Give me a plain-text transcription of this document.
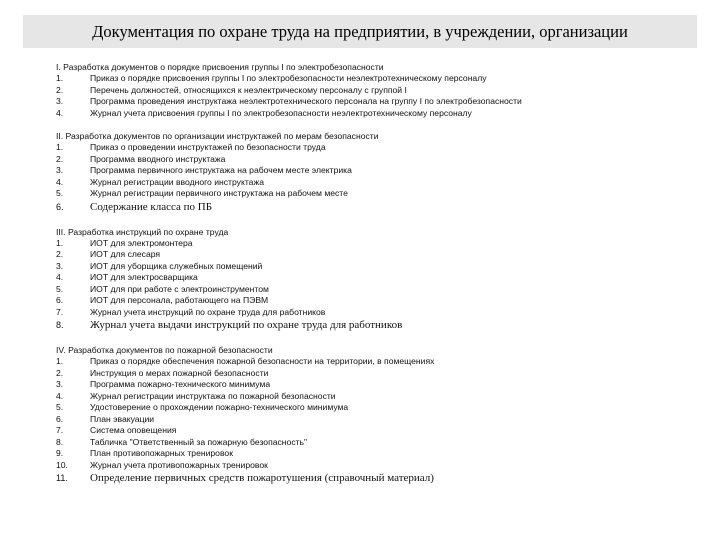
Документация по охране труда на предприятии, в учреждении, организации
I. Разработка документов о порядке присвоения группы I по электробезопасности
1.	Приказ о порядке присвоения группы I по электробезопасности неэлектротехническому персоналу
2.	Перечень должностей, относящихся к неэлектрическому персоналу с группой I
3.	Программа проведения инструктажа неэлектротехнического персонала на группу I по электробезопасности
4.	Журнал учета присвоения группы I по электробезопасности неэлектротехническому персоналу
II. Разработка документов по организации инструктажей по мерам безопасности
1.	Приказ о проведении инструктажей по безопасности труда
2.	Программа вводного инструктажа
3.	Программа первичного инструктажа на рабочем месте электрика
4.	Журнал регистрации вводного инструктажа
5.	Журнал регистрации первичного инструктажа на рабочем месте
6.	Содержание класса по ПБ
III. Разработка инструкций по охране труда
1.	ИОТ для электромонтера
2.	ИОТ для слесаря
3.	ИОТ для уборщика служебных помещений
4.	ИОТ для электросварщика
5.	ИОТ для при работе с электроинструментом
6.	ИОТ для персонала, работающего на ПЭВМ
7.	Журнал учета инструкций по охране труда для работников
8.	Журнал учета выдачи инструкций по охране труда для работников
IV. Разработка документов по пожарной безопасности
1.	Приказ о порядке обеспечения пожарной безопасности на территории, в помещениях
2.	Инструкция о мерах пожарной безопасности
3.	Программа пожарно-технического минимума
4.	Журнал регистрации инструктажа по пожарной безопасности
5.	Удостоверение о прохождении пожарно-технического минимума
6.	План эвакуации
7.	Система оповещения
8.	Табличка "Ответственный за пожарную безопасность"
9.	План противопожарных тренировок
10.	Журнал учета противопожарных тренировок
11.	Определение первичных средств пожаротушения (справочный материал)
